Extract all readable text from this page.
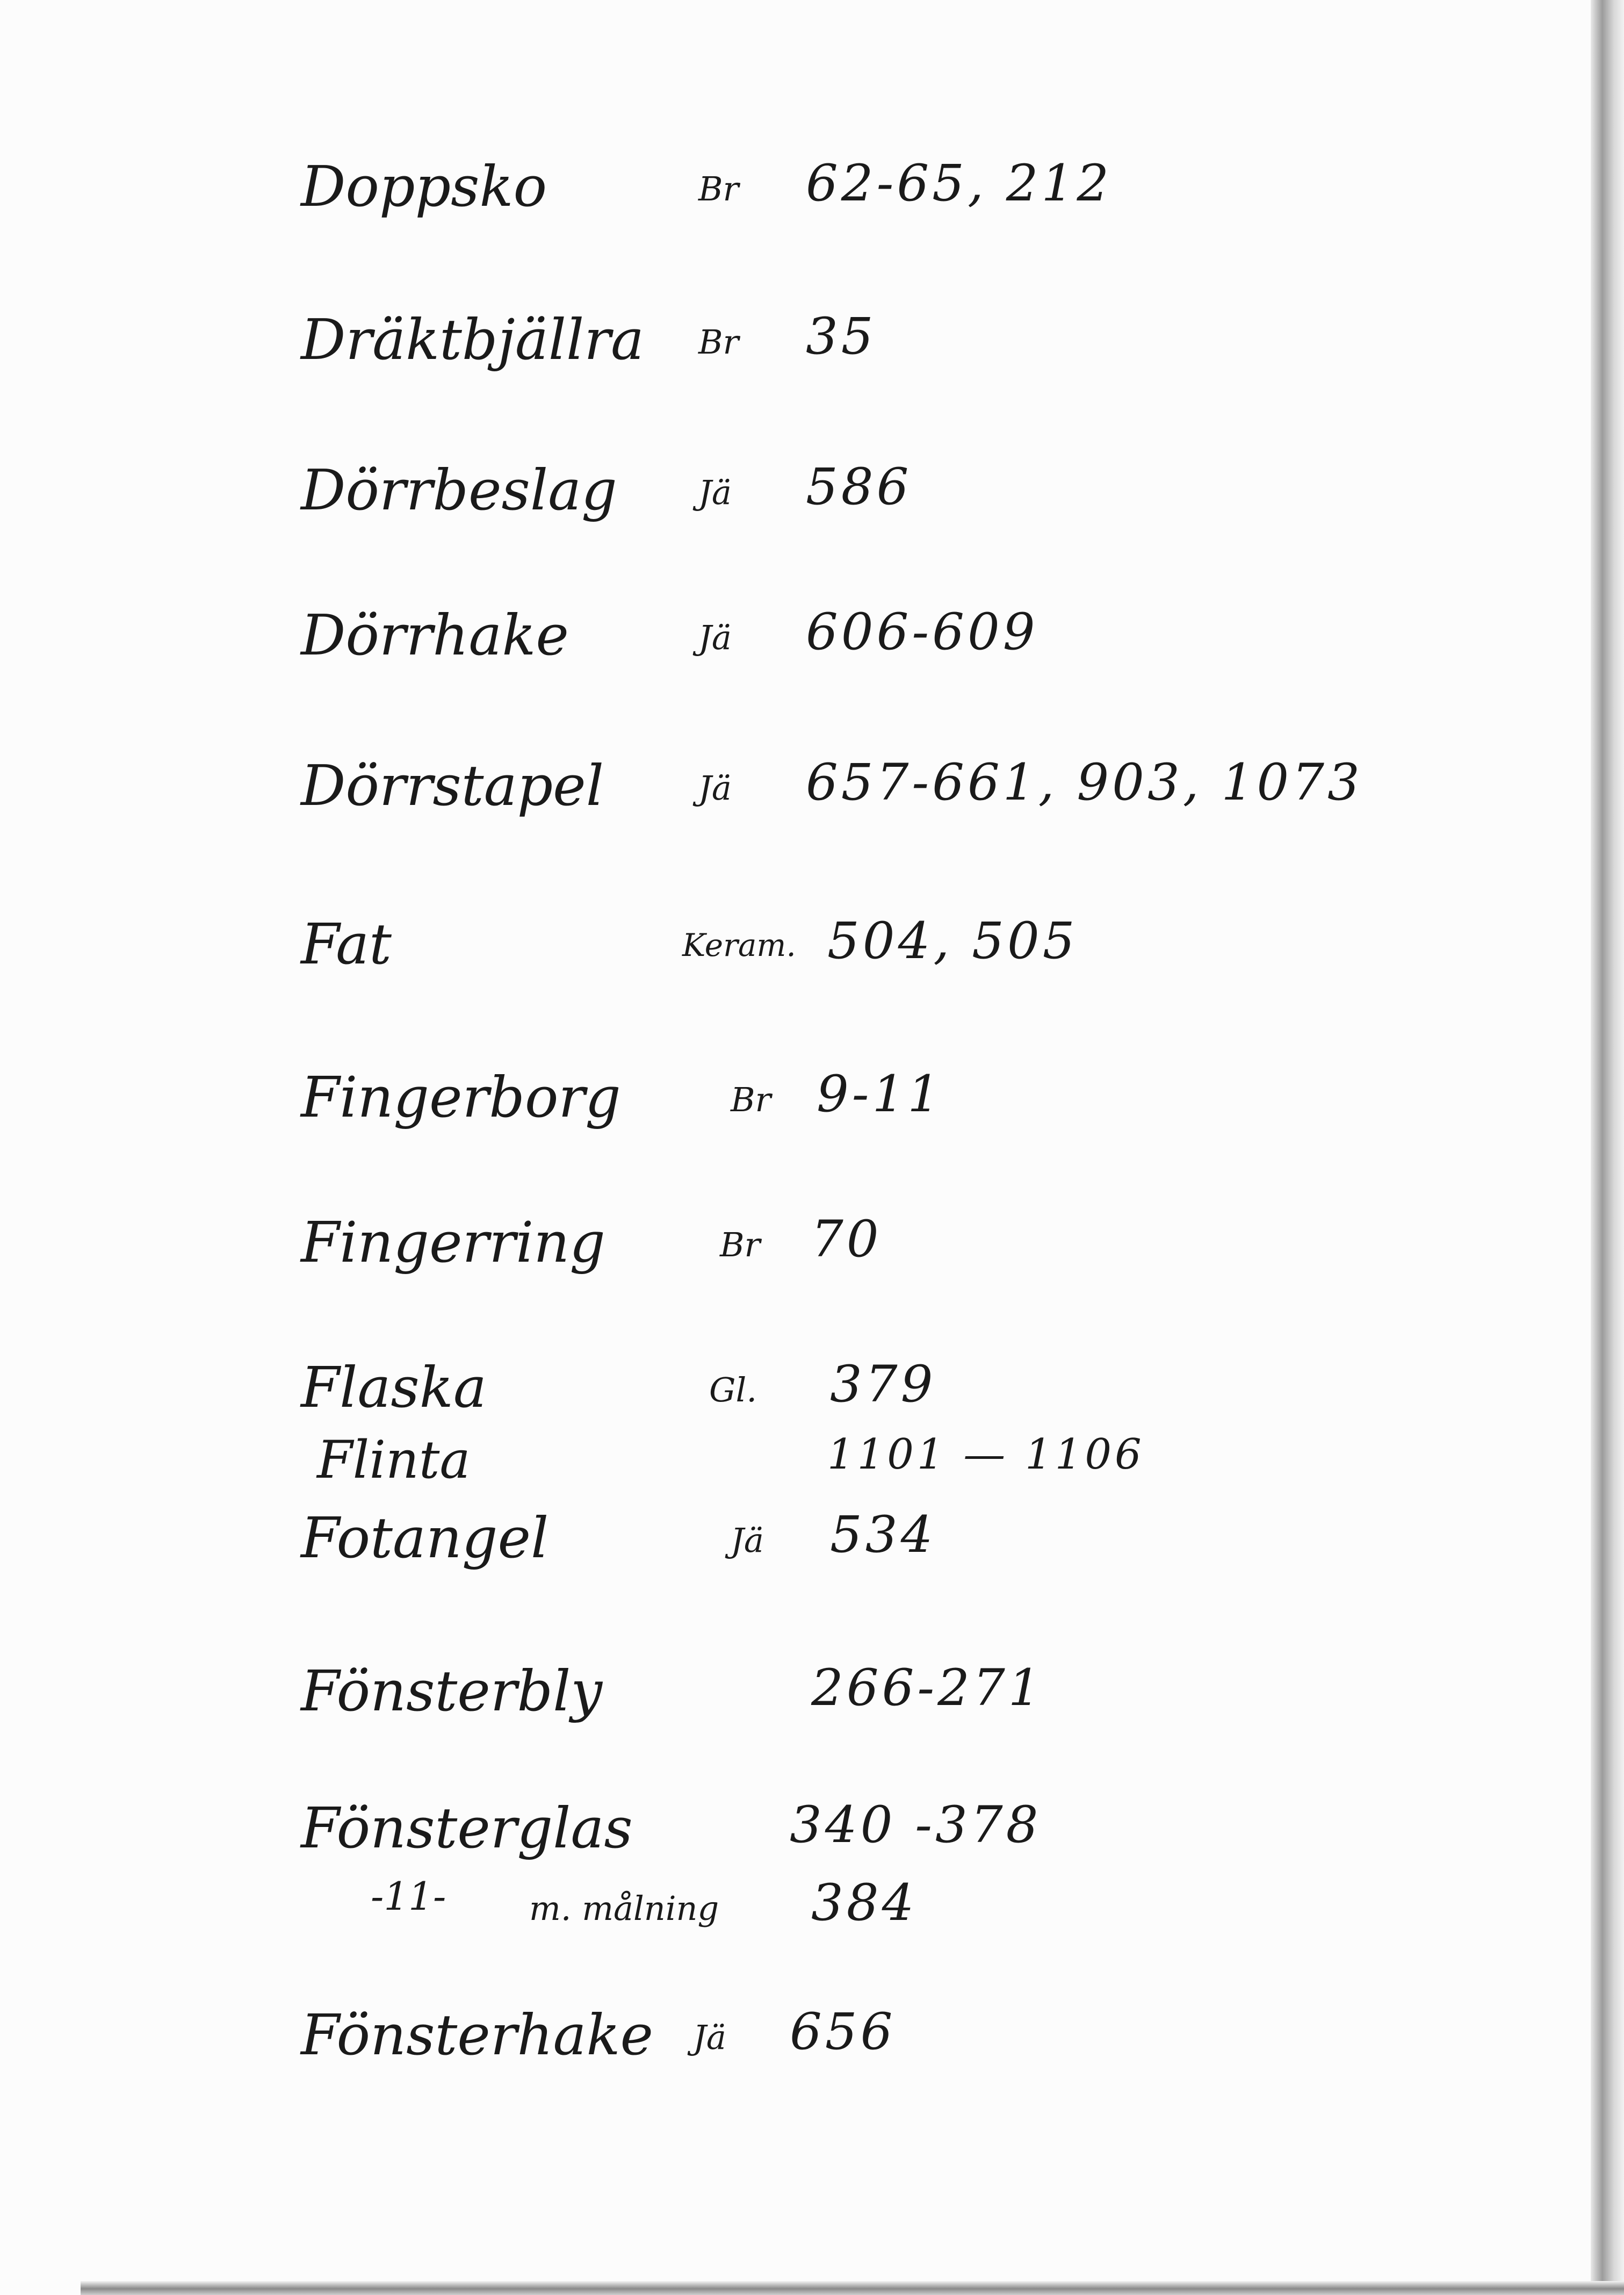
Doppsko	Br 62-65, 212
Dräktbjällra Br 35
Dörrbeslag Jä 586
Dörrhake	Jä 606-609
Dörrstapel	Jä 657-661, 903, 1073
Fat	Keram. 504, 505
Fingerborg	Br 9-11
Fingerring	Br 70
Flaska	Gl. 379
Flinta	1101 — 1106
Fotangel	Jä 534
Fönsterbly	266-271
Fönsterglas	340 -378
-11- m. målning 384
Fönsterhake Jä 656
